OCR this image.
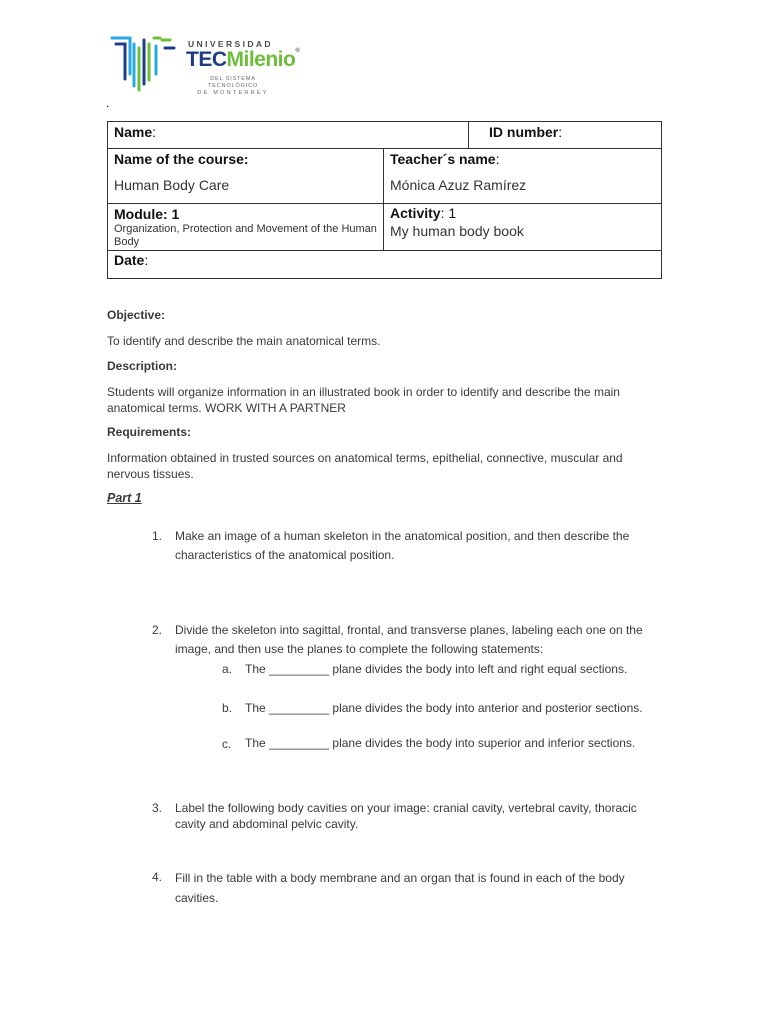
UNIVERSIDAD
TECMilenio®
DEL SISTEMA TECNOLÓGICO
DE MONTERREY
.
Name:	ID number:
Name of the course:
Human Body Care
Teacher´s name:
Mónica Azuz Ramírez
Module: 1
Organization, Protection and Movement of the Human Body
Activity: 1
My human body book
Date:
Objective:
To identify and describe the main anatomical terms.
Description:
Students will organize information in an illustrated book in order to identify and describe the main anatomical terms. WORK WITH A PARTNER
Requirements:
Information obtained in trusted sources on anatomical terms, epithelial, connective, muscular and nervous tissues.
Part 1
1. Make an image of a human skeleton in the anatomical position, and then describe the characteristics of the anatomical position.
2. Divide the skeleton into sagittal, frontal, and transverse planes, labeling each one on the image, and then use the planes to complete the following statements:
a. The _________ plane divides the body into left and right equal sections.
b. The _________ plane divides the body into anterior and posterior sections.
c. The _________ plane divides the body into superior and inferior sections.
3. Label the following body cavities on your image: cranial cavity, vertebral cavity, thoracic cavity and abdominal pelvic cavity.
4. Fill in the table with a body membrane and an organ that is found in each of the body cavities.
